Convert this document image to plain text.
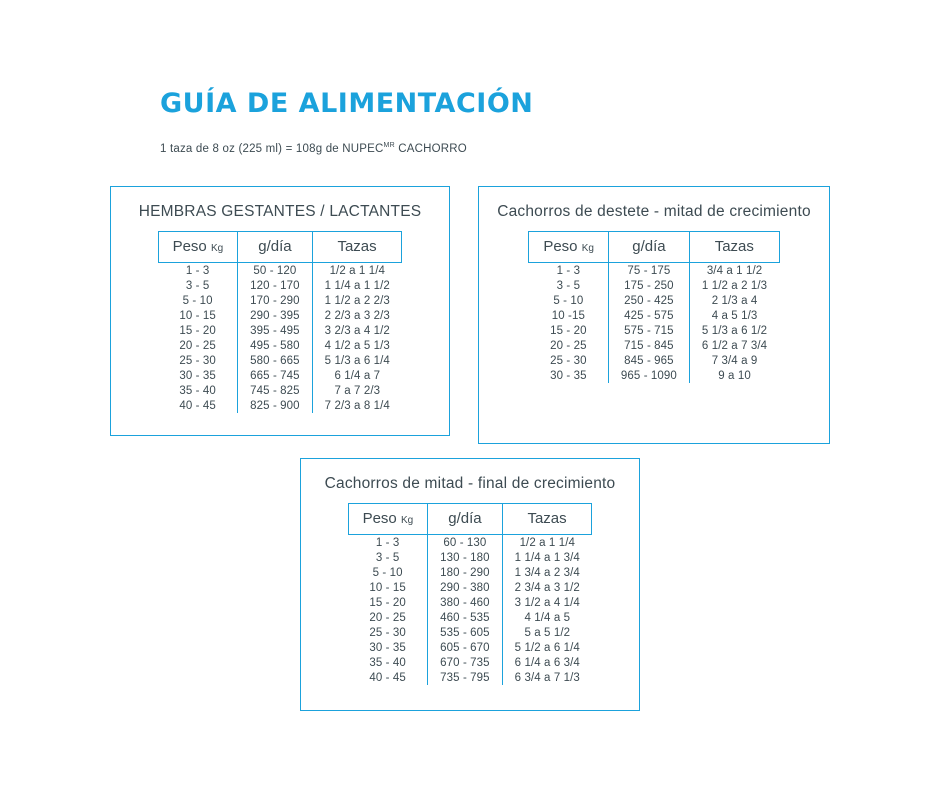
GUÍA DE ALIMENTACIÓN
1 taza de 8 oz (225 ml) = 108g de $NUPEC^{MR}$ CACHORRO
HEMBRAS GESTANTES / LACTANTES
Peso Kg	g/día	Tazas
1 - 3	50 - 120	1/2 a 1 1/4
3 - 5	120 - 170	1 1/4 a 1 1/2
5 - 10	170 - 290	1 1/2 a 2 2/3
10 - 15	290 - 395	2 2/3 a 3 2/3
15 - 20	395 - 495	3 2/3 a 4 1/2
20 - 25	495 - 580	4 1/2 a 5 1/3
25 - 30	580 - 665	5 1/3 a 6 1/4
30 - 35	665 - 745	6 1/4 a 7
35 - 40	745 - 825	7 a 7 2/3
40 - 45	825 - 900	7 2/3 a 8 1/4
Cachorros de destete - mitad de crecimiento
Peso Kg	g/día	Tazas
1 - 3	75 - 175	3/4 a 1 1/2
3 - 5	175 - 250	1 1/2 a 2 1/3
5 - 10	250 - 425	2 1/3 a 4
10 -15	425 - 575	4 a 5 1/3
15 - 20	575 - 715	5 1/3 a 6 1/2
20 - 25	715 - 845	6 1/2 a 7 3/4
25 - 30	845 - 965	7 3/4 a 9
30 - 35	965 - 1090	9 a 10
Cachorros de mitad - final de crecimiento
Peso Kg	g/día	Tazas
1 - 3	60 - 130	1/2 a 1 1/4
3 - 5	130 - 180	1 1/4 a 1 3/4
5 - 10	180 - 290	1 3/4 a 2 3/4
10 - 15	290 - 380	2 3/4 a 3 1/2
15 - 20	380 - 460	3 1/2 a 4 1/4
20 - 25	460 - 535	4 1/4 a 5
25 - 30	535 - 605	5 a 5 1/2
30 - 35	605 - 670	5 1/2 a 6 1/4
35 - 40	670 - 735	6 1/4 a 6 3/4
40 - 45	735 - 795	6 3/4 a 7 1/3
